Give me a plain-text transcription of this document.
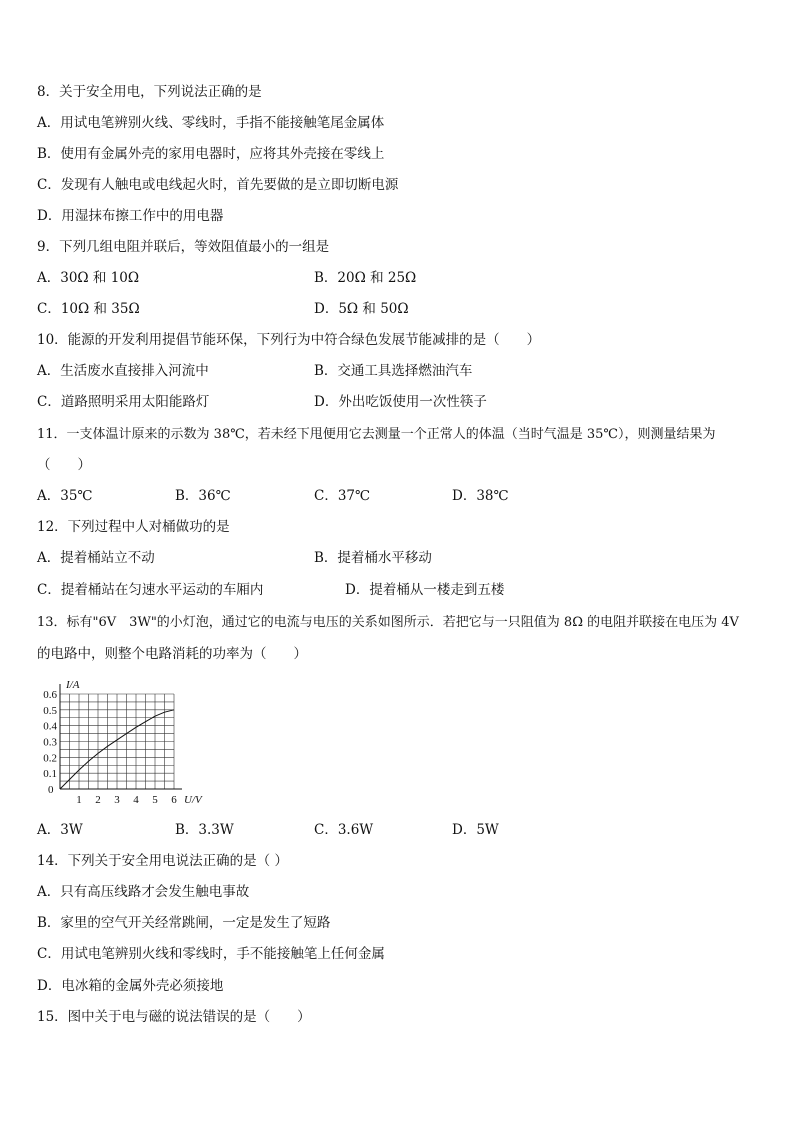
8．关于安全用电，下列说法正确的是
A．用试电笔辨别火线、零线时，手指不能接触笔尾金属体
B．使用有金属外壳的家用电器时，应将其外壳接在零线上
C．发现有人触电或电线起火时，首先要做的是立即切断电源
D．用湿抹布擦工作中的用电器
9．下列几组电阻并联后，等效阻值最小的一组是
A．30Ω 和 10Ω	B．20Ω 和 25Ω
C．10Ω 和 35Ω	D．5Ω 和 50Ω
10．能源的开发利用提倡节能环保，下列行为中符合绿色发展节能减排的是（　　）
A．生活废水直接排入河流中	B．交通工具选择燃油汽车
C．道路照明采用太阳能路灯	D．外出吃饭使用一次性筷子
11．一支体温计原来的示数为 38℃，若未经下甩便用它去测量一个正常人的体温（当时气温是 35℃），则测量结果为
（　　）
A．35℃	B．36℃	C．37℃	D．38℃
12．下列过程中人对桶做功的是
A．提着桶站立不动	B．提着桶水平移动
C．提着桶站在匀速水平运动的车厢内	D．提着桶从一楼走到五楼
13．标有"6V　3W"的小灯泡，通过它的电流与电压的关系如图所示．若把它与一只阻值为 8Ω 的电阻并联接在电压为 4V
的电路中，则整个电路消耗的功率为（　　）
1 2 3 4 5 6
0.1
0.2
0.3
0.4
0.5
0.6
I/A
U/V
0
A．3W	B．3.3W	C．3.6W	D．5W
14．下列关于安全用电说法正确的是（ ）
A．只有高压线路才会发生触电事故
B．家里的空气开关经常跳闸，一定是发生了短路
C．用试电笔辨别火线和零线时，手不能接触笔上任何金属
D．电冰箱的金属外壳必须接地
15．图中关于电与磁的说法错误的是（　　）
